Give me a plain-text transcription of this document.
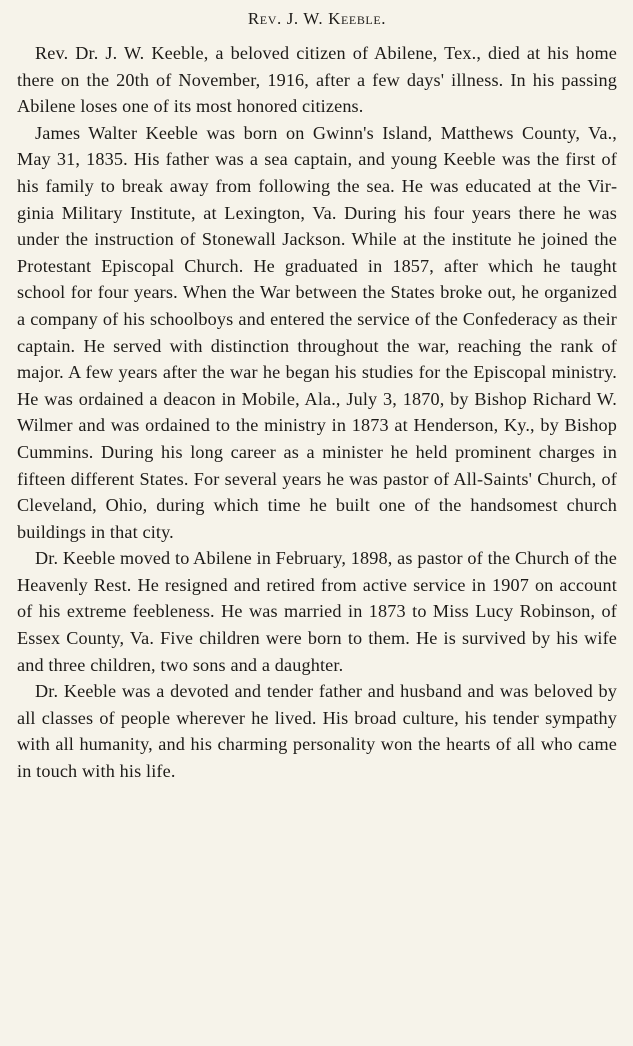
Rev. J. W. Keeble.

Rev. Dr. J. W. Keeble, a beloved citizen of Abilene, Tex., died at his home there on the 20th of November, 1916, after a few days' illness. In his passing Abilene loses one of its most honored citizens.

James Walter Keeble was born on Gwinn's Island, Matthews County, Va., May 31, 1835. His father was a sea captain, and young Keeble was the first of his family to break away from following the sea. He was educated at the Virginia Military Institute, at Lexington, Va. During his four years there he was under the instruction of Stonewall Jackson. While at the institute he joined the Protestant Episcopal Church. He graduated in 1857, after which he taught school for four years. When the War between the States broke out, he organized a company of his schoolboys and entered the service of the Confederacy as their captain. He served with distinction throughout the war, reaching the rank of major. A few years after the war he began his studies for the Episcopal ministry. He was ordained a deacon in Mobile, Ala., July 3, 1870, by Bishop Richard W. Wilmer and was ordained to the ministry in 1873 at Henderson, Ky., by Bishop Cummins. During his long career as a minister he held prominent charges in fifteen different States. For several years he was pastor of All-Saints' Church, of Cleveland, Ohio, during which time he built one of the handsomest church buildings in that city.

Dr. Keeble moved to Abilene in February, 1898, as pastor of the Church of the Heavenly Rest. He resigned and retired from active service in 1907 on account of his extreme feebleness. He was married in 1873 to Miss Lucy Robinson, of Essex County, Va. Five children were born to them. He is survived by his wife and three children, two sons and a daughter.

Dr. Keeble was a devoted and tender father and husband and was beloved by all classes of people wherever he lived. His broad culture, his tender sympathy with all humanity, and his charming personality won the hearts of all who came in touch with his life.
